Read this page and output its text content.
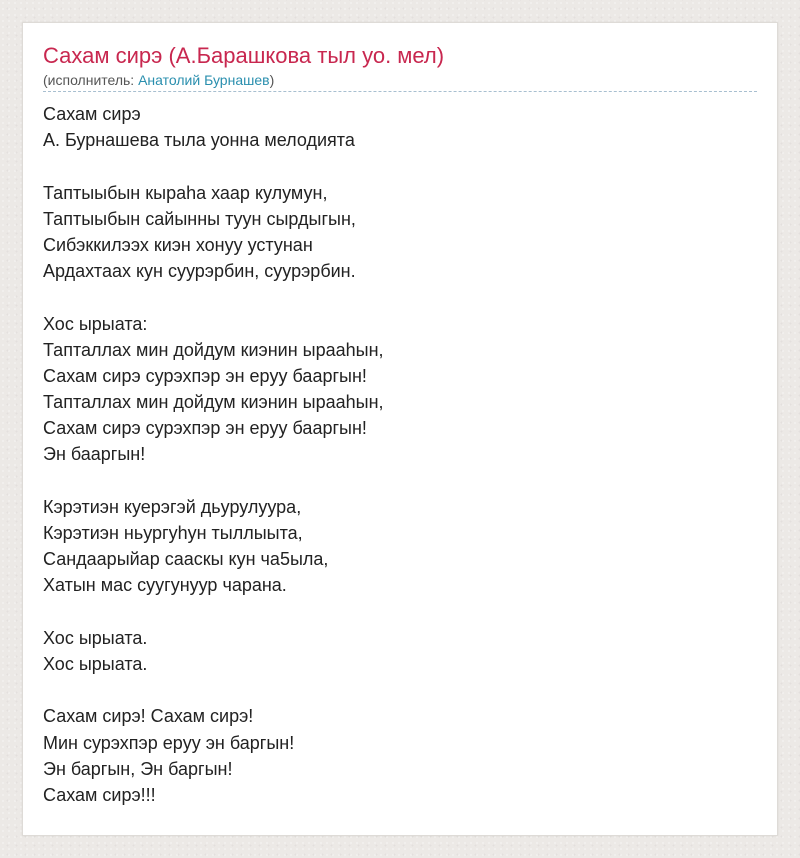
Сахам сирэ (А.Барашкова тыл уо. мел)
(исполнитель: Анатолий Бурнашев)
Сахам сирэ
А. Бурнашева тыла уонна мелодията
Таптыыбын кыраhа хаар кулумун,
Таптыыбын сайынны туун сырдыгын,
Сибэккилээх киэн хонуу устунан
Ардахтаах кун суурэрбин, суурэрбин.
Хос ырыата:
Тапталлах мин дойдум киэнин ыраahын,
Сахам сирэ сурэхпэр эн ерyy бааргын!
Тапталлах мин дойдум киэнин ыраahын,
Сахам сирэ сурэхпэр эн ерyy бааргын!
Эн бааргын!
Кэрэтиэн куерэгэй дьурулуура,
Кэрэтиэн ньургуhун тыллыыта,
Сандаарыйар сааскы кун ча5ыла,
Хатын мас суугунуур чарана.
Хос ырыата.
Хос ырыата.
Сахам сирэ! Сахам сирэ!
Мин сурэхпэр ерyy эн баргын!
Эн баргын, Эн баргын!
Сахам сирэ!!!
